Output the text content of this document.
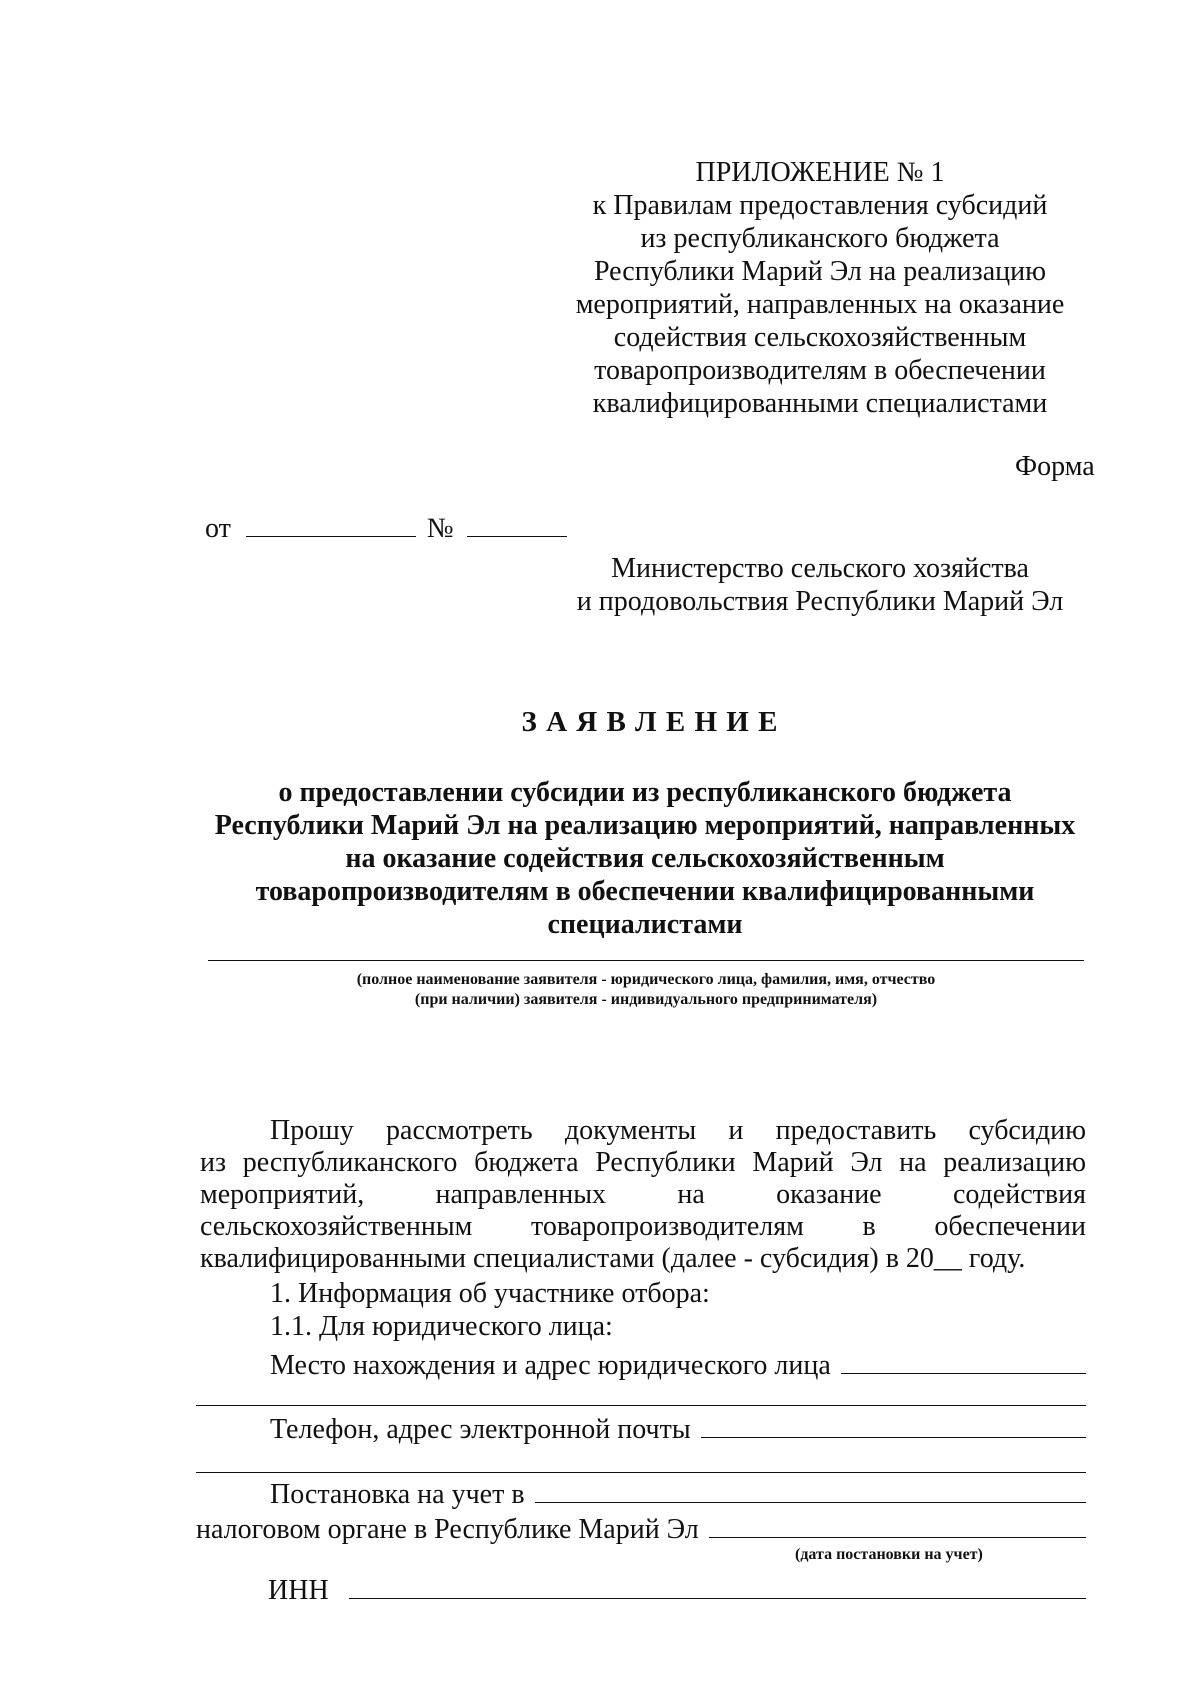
ПРИЛОЖЕНИЕ № 1
к Правилам предоставления субсидий
из республиканского бюджета
Республики Марий Эл на реализацию
мероприятий, направленных на оказание
содействия сельскохозяйственным
товаропроизводителям в обеспечении
квалифицированными специалистами
Форма
от	№
Министерство сельского хозяйства
и продовольствия Республики Марий Эл
З А Я В Л Е Н И Е
о предоставлении субсидии из республиканского бюджета
Республики Марий Эл на реализацию мероприятий, направленных
на оказание содействия сельскохозяйственным
товаропроизводителям в обеспечении квалифицированными
специалистами
(полное наименование заявителя - юридического лица, фамилия, имя, отчество
(при наличии) заявителя - индивидуального предпринимателя)
Прошу рассмотреть документы и предоставить субсидию
из республиканского бюджета Республики Марий Эл на реализацию
мероприятий,	направленных	на	оказание	содействия
сельскохозяйственным товаропроизводителям в обеспечении
квалифицированными специалистами (далее - субсидия) в 20__ году.
1. Информация об участнике отбора:
1.1. Для юридического лица:
Место нахождения и адрес юридического лица
Телефон, адрес электронной почты
Постановка на учет в
налоговом органе в Республике Марий Эл
(дата постановки на учет)
ИНН
